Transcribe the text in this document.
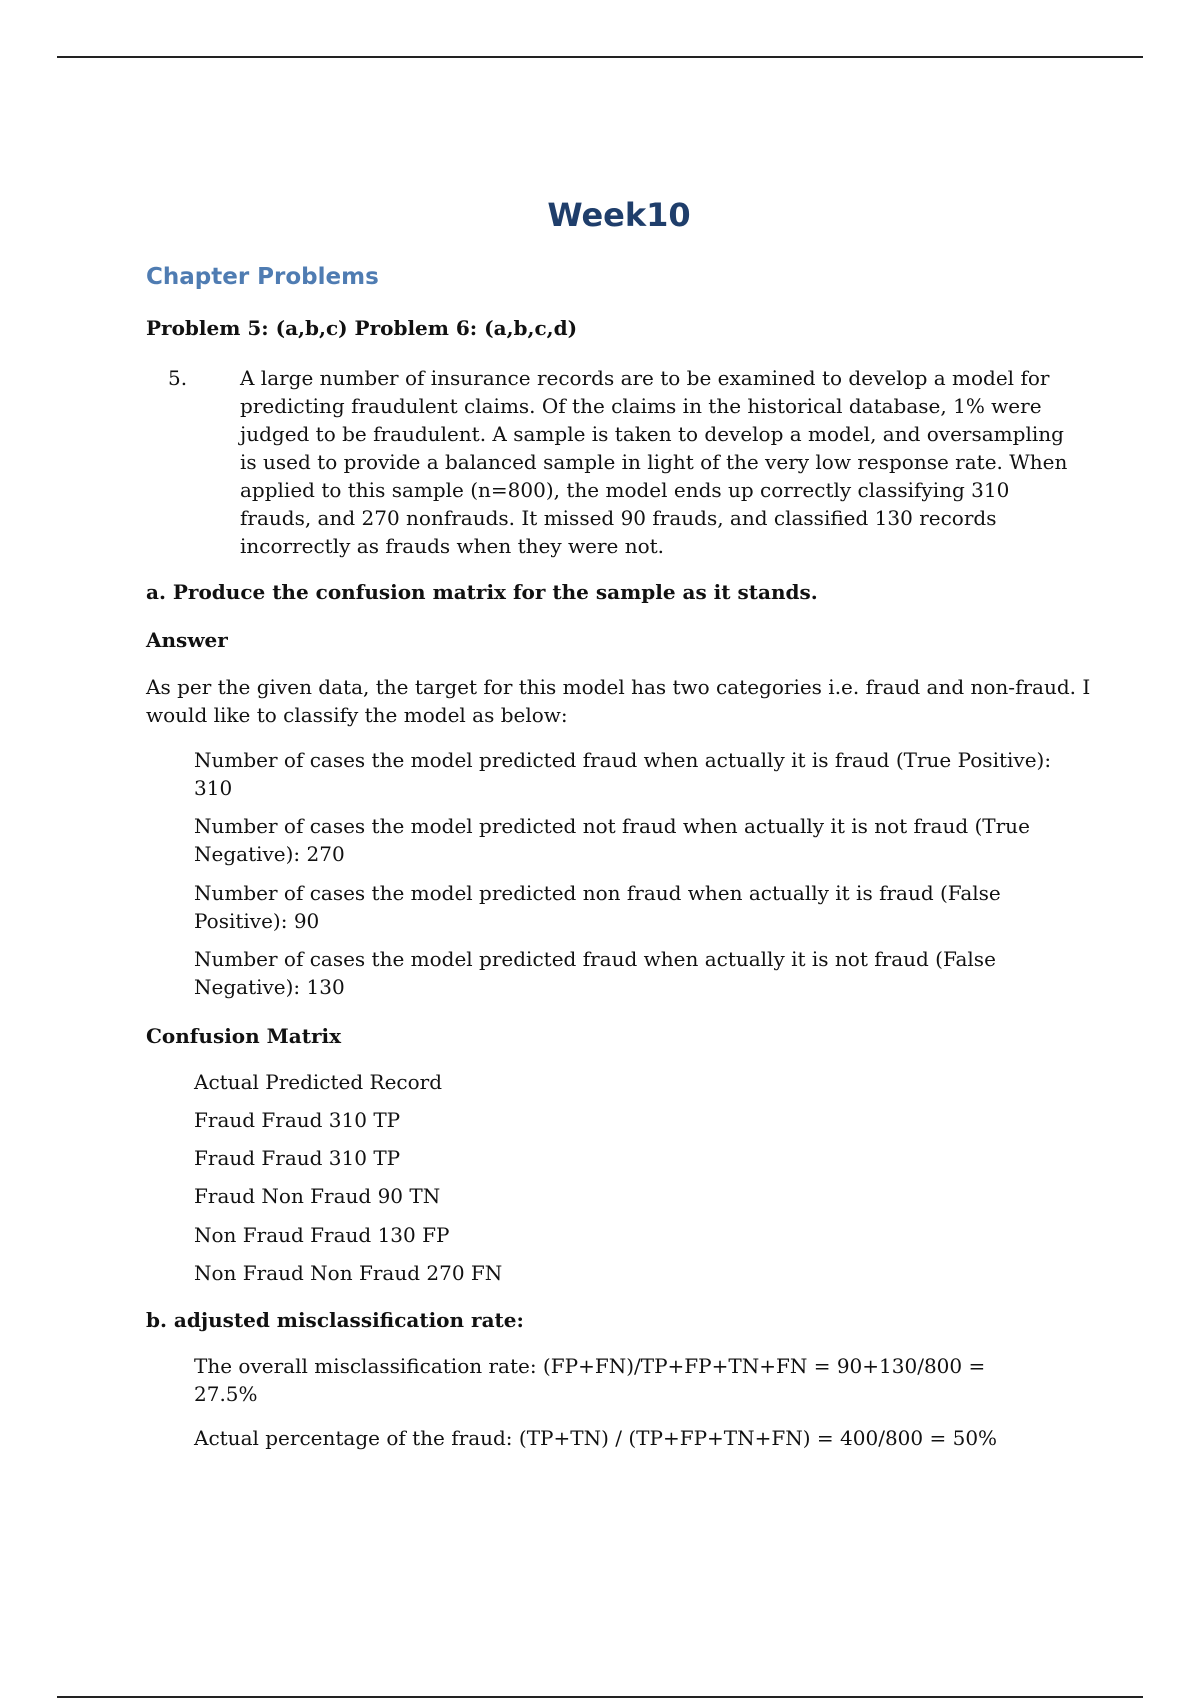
Week10
Chapter Problems

Problem 5: (a,b,c) Problem 6: (a,b,c,d)

5.	A large number of insurance records are to be examined to develop a model for predicting fraudulent claims. Of the claims in the historical database, 1% were judged to be fraudulent. A sample is taken to develop a model, and oversampling is used to provide a balanced sample in light of the very low response rate. When applied to this sample (n=800), the model ends up correctly classifying 310 frauds, and 270 nonfrauds. It missed 90 frauds, and classified 130 records incorrectly as frauds when they were not.

a. Produce the confusion matrix for the sample as it stands.

Answer

As per the given data, the target for this model has two categories i.e. fraud and non-fraud. I would like to classify the model as below:

Number of cases the model predicted fraud when actually it is fraud (True Positive): 310

Number of cases the model predicted not fraud when actually it is not fraud (True Negative): 270

Number of cases the model predicted non fraud when actually it is fraud (False Positive): 90

Number of cases the model predicted fraud when actually it is not fraud (False Negative): 130

Confusion Matrix

Actual Predicted Record

Fraud Fraud 310 TP

Fraud Fraud 310 TP

Fraud Non Fraud 90 TN

Non Fraud Fraud 130 FP

Non Fraud Non Fraud 270 FN

b. adjusted misclassification rate:

The overall misclassification rate: (FP+FN)/TP+FP+TN+FN = 90+130/800 = 27.5%

Actual percentage of the fraud: (TP+TN) / (TP+FP+TN+FN) = 400/800 = 50%
